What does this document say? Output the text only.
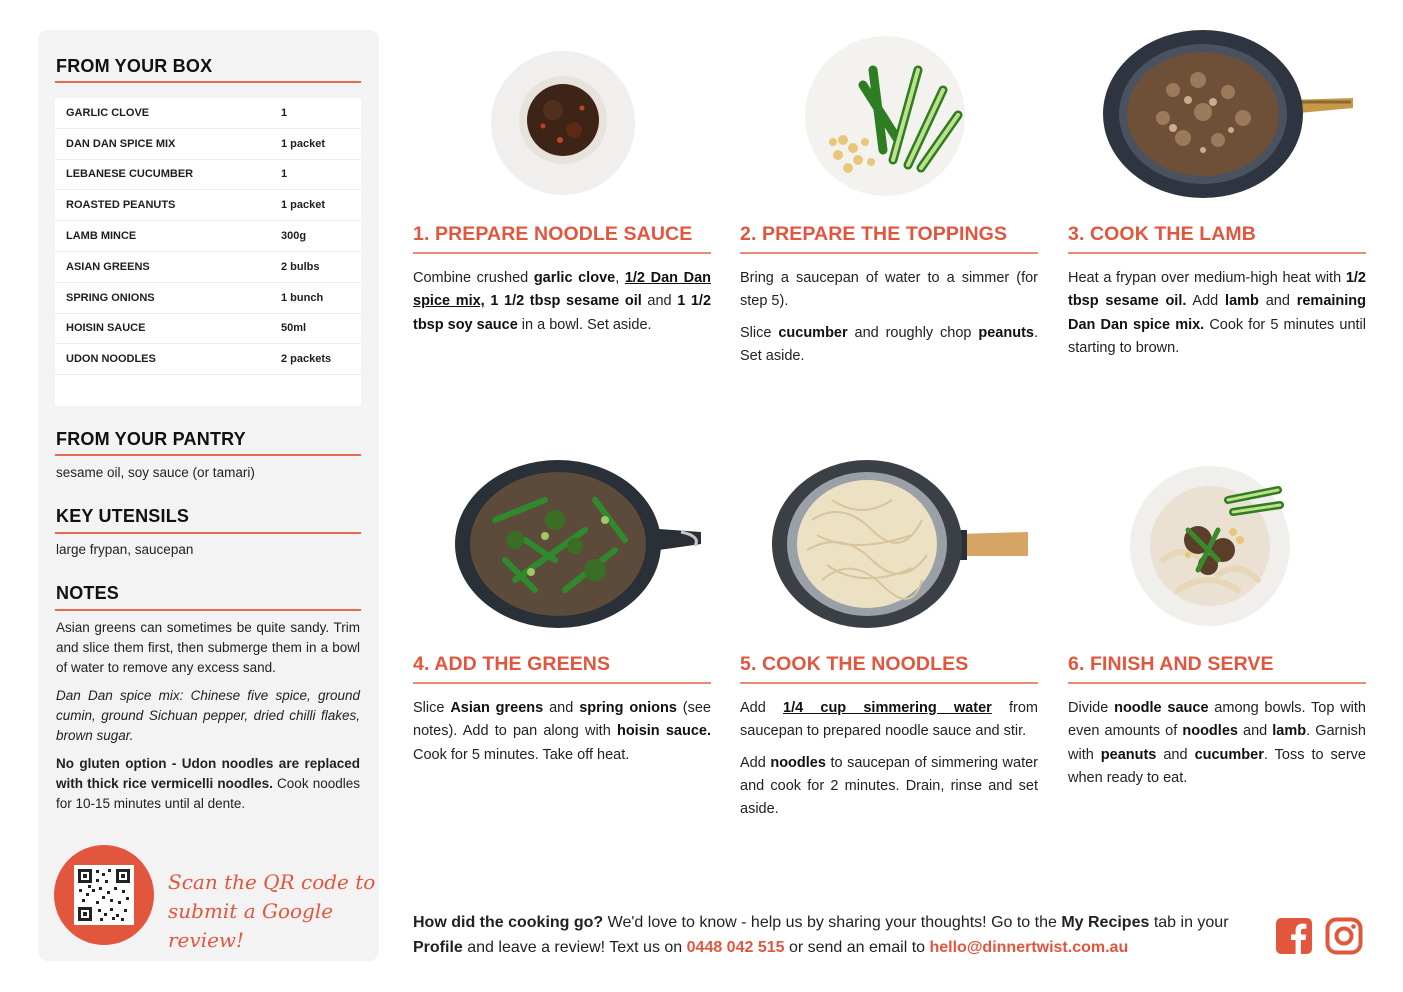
FROM YOUR BOX
GARLIC CLOVE	1
DAN DAN SPICE MIX	1 packet
LEBANESE CUCUMBER	1
ROASTED PEANUTS	1 packet
LAMB MINCE	300g
ASIAN GREENS	2 bulbs
SPRING ONIONS	1 bunch
HOISIN SAUCE	50ml
UDON NOODLES	2 packets
FROM YOUR PANTRY
sesame oil, soy sauce (or tamari)
KEY UTENSILS
large frypan, saucepan
NOTES

Asian greens can sometimes be quite sandy. Trim and slice them first, then submerge them in a bowl of water to remove any excess sand.

Dan Dan spice mix: Chinese five spice, ground cumin, ground Sichuan pepper, dried chilli flakes, brown sugar.

No gluten option - Udon noodles are replaced with thick rice vermicelli noodles. Cook noodles for 10-15 minutes until al dente.

Scan the QR code to
submit a Google review!
1. PREPARE NOODLE SAUCE

Combine crushed garlic clove, 1/2 Dan Dan spice mix, 1 1/2 tbsp sesame oil and 1 1/2 tbsp soy sauce in a bowl. Set aside.

2. PREPARE THE TOPPINGS

Bring a saucepan of water to a simmer (for step 5).

Slice cucumber and roughly chop peanuts. Set aside.

3. COOK THE LAMB

Heat a frypan over medium-high heat with 1/2 tbsp sesame oil. Add lamb and remaining Dan Dan spice mix. Cook for 5 minutes until starting to brown.

4. ADD THE GREENS

Slice Asian greens and spring onions (see notes). Add to pan along with hoisin sauce. Cook for 5 minutes. Take off heat.

5. COOK THE NOODLES

Add 1/4 cup simmering water from saucepan to prepared noodle sauce and stir.

Add noodles to saucepan of simmering water and cook for 2 minutes. Drain, rinse and set aside.

6. FINISH AND SERVE

Divide noodle sauce among bowls. Top with even amounts of noodles and lamb. Garnish with peanuts and cucumber. Toss to serve when ready to eat.

How did the cooking go? We'd love to know - help us by sharing your thoughts! Go to the My Recipes tab in your Profile and leave a review! Text us on 0448 042 515 or send an email to hello@dinnertwist.com.au
